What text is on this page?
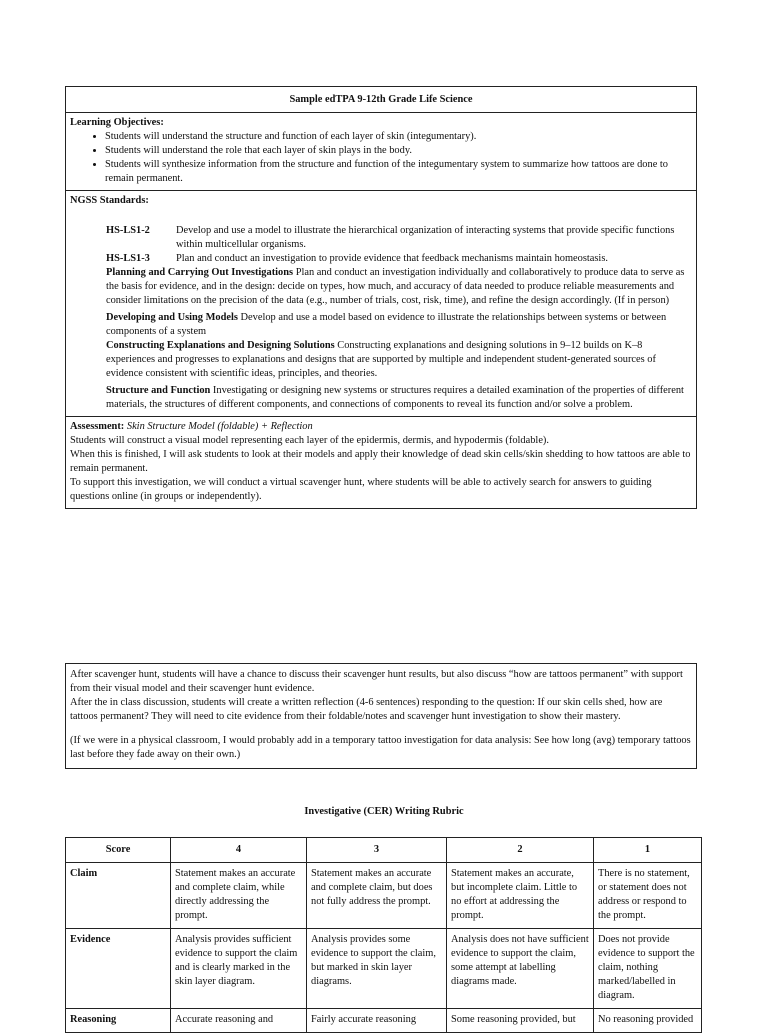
Sample edTPA 9-12th Grade Life Science
Learning Objectives:
• Students will understand the structure and function of each layer of skin (integumentary).
• Students will understand the role that each layer of skin plays in the body.
• Students will synthesize information from the structure and function of the integumentary system to summarize how tattoos are done to remain permanent.
NGSS Standards:
HS-LS1-2	Develop and use a model to illustrate the hierarchical organization of interacting systems that provide specific functions within multicellular organisms.
HS-LS1-3	Plan and conduct an investigation to provide evidence that feedback mechanisms maintain homeostasis.
Planning and Carrying Out Investigations Plan and conduct an investigation individually and collaboratively to produce data to serve as the basis for evidence, and in the design: decide on types, how much, and accuracy of data needed to produce reliable measurements and consider limitations on the precision of the data (e.g., number of trials, cost, risk, time), and refine the design accordingly. (If in person)
Developing and Using Models Develop and use a model based on evidence to illustrate the relationships between systems or between components of a system
Constructing Explanations and Designing Solutions Constructing explanations and designing solutions in 9–12 builds on K–8 experiences and progresses to explanations and designs that are supported by multiple and independent student-generated sources of evidence consistent with scientific ideas, principles, and theories.
Structure and Function Investigating or designing new systems or structures requires a detailed examination of the properties of different materials, the structures of different components, and connections of components to reveal its function and/or solve a problem.
Assessment: Skin Structure Model (foldable) + Reflection
Students will construct a visual model representing each layer of the epidermis, dermis, and hypodermis (foldable).
When this is finished, I will ask students to look at their models and apply their knowledge of dead skin cells/skin shedding to how tattoos are able to remain permanent.
To support this investigation, we will conduct a virtual scavenger hunt, where students will be able to actively search for answers to guiding questions online (in groups or independently).
After scavenger hunt, students will have a chance to discuss their scavenger hunt results, but also discuss “how are tattoos permanent” with support from their visual model and their scavenger hunt evidence.
After the in class discussion, students will create a written reflection (4-6 sentences) responding to the question: If our skin cells shed, how are tattoos permanent? They will need to cite evidence from their foldable/notes and scavenger hunt investigation to show their mastery.
(If we were in a physical classroom, I would probably add in a temporary tattoo investigation for data analysis: See how long (avg) temporary tattoos last before they fade away on their own.)
Investigative (CER) Writing Rubric
Score	4	3	2	1
Claim	Statement makes an accurate and complete claim, while directly addressing the prompt.	Statement makes an accurate and complete claim, but does not fully address the prompt.	Statement makes an accurate, but incomplete claim. Little to no effort at addressing the prompt.	There is no statement, or statement does not address or respond to the prompt.
Evidence	Analysis provides sufficient evidence to support the claim and is clearly marked in the skin layer diagram.	Analysis provides some evidence to support the claim, but marked in skin layer diagrams.	Analysis does not have sufficient evidence to support the claim, some attempt at labelling diagrams made.	Does not provide evidence to support the claim, nothing marked/labelled in diagram.
Reasoning	Accurate reasoning and	Fairly accurate reasoning	Some reasoning provided, but	No reasoning provided
